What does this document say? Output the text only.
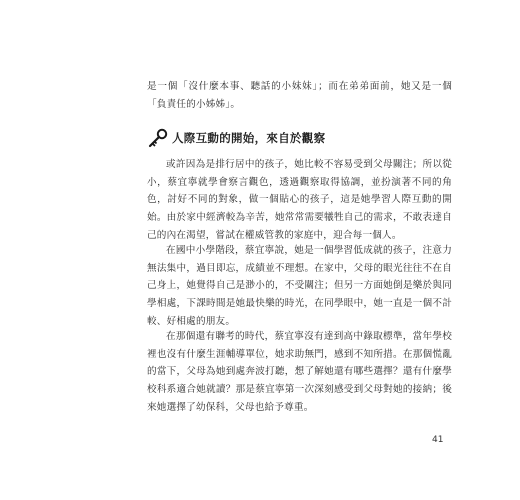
是一個「沒什麼本事、聽話的小妹妹」；而在弟弟面前，她又是一個「負責任的小姊姊」。

人際互動的開始，來自於觀察

或許因為是排行居中的孩子，她比較不容易受到父母關注；所以從小，蔡宜寧就學會察言觀色，透過觀察取得協調，並扮演著不同的角色，討好不同的對象，做一個貼心的孩子，這是她學習人際互動的開始。由於家中經濟較為辛苦，她常常需要犧牲自己的需求，不敢表達自己的內在渴望，嘗試在權威管教的家庭中，迎合每一個人。

在國中小學階段，蔡宜寧說，她是一個學習低成就的孩子，注意力無法集中，過目即忘，成績並不理想。在家中，父母的眼光往往不在自己身上，她覺得自己是渺小的，不受關注；但另一方面她倒是樂於與同學相處，下課時間是她最快樂的時光，在同學眼中，她一直是一個不計較、好相處的朋友。

在那個還有聯考的時代，蔡宜寧沒有達到高中錄取標準，當年學校裡也沒有什麼生涯輔導單位，她求助無門，感到不知所措。在那個慌亂的當下，父母為她到處奔波打聽，想了解她還有哪些選擇？還有什麼學校科系適合她就讀？那是蔡宜寧第一次深刻感受到父母對她的接納；後來她選擇了幼保科，父母也給予尊重。

41
